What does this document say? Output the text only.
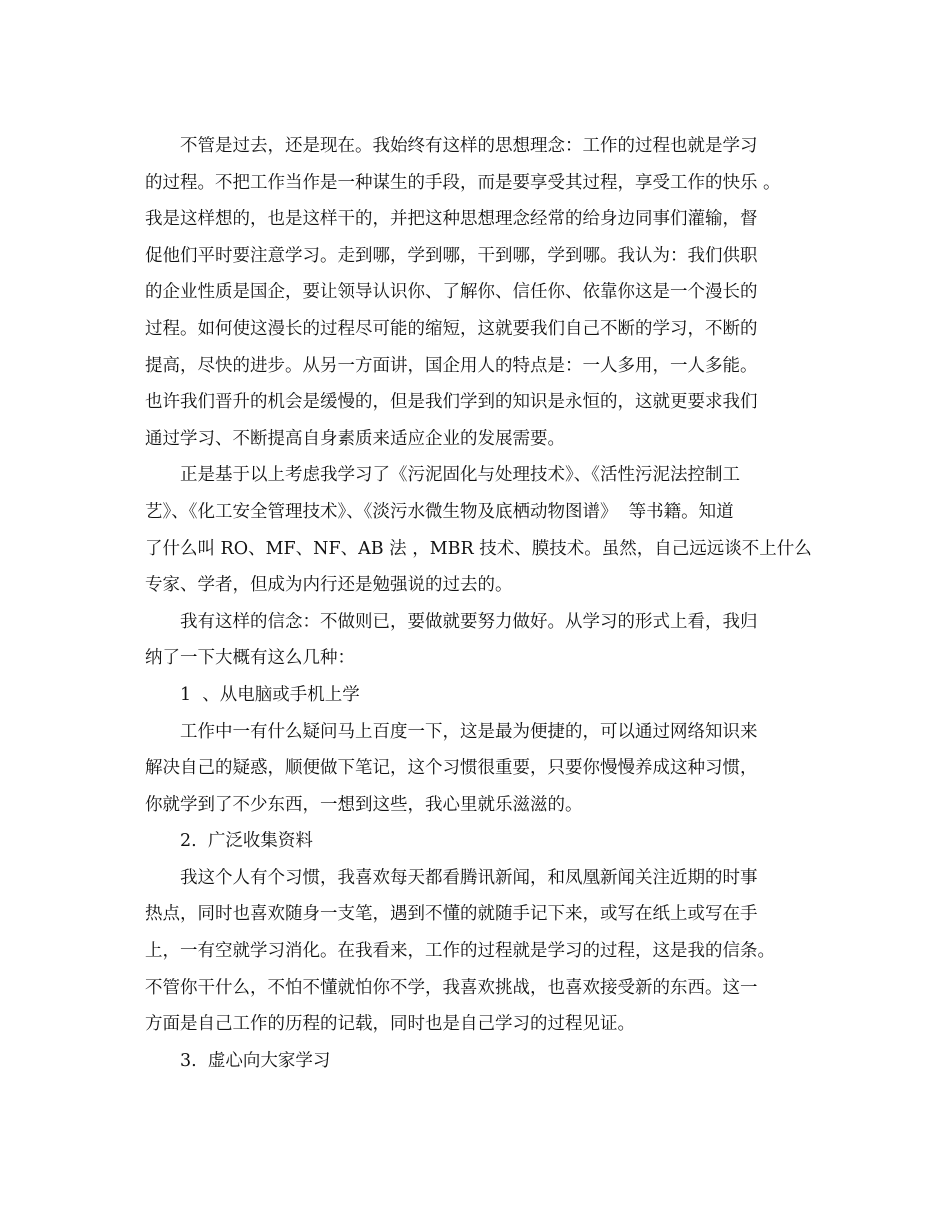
不管是过去，还是现在。我始终有这样的思想理念：工作的过程也就是学习
的过程。不把工作当作是一种谋生的手段，而是要享受其过程，享受工作的快乐 。
我是这样想的，也是这样干的，并把这种思想理念经常的给身边同事们灌输，督
促他们平时要注意学习。走到哪，学到哪，干到哪，学到哪。我认为：我们供职
的企业性质是国企，要让领导认识你、了解你、信任你、依靠你这是一个漫长的
过程。如何使这漫长的过程尽可能的缩短，这就要我们自己不断的学习，不断的
提高，尽快的进步。从另一方面讲，国企用人的特点是：一人多用，一人多能。
也许我们晋升的机会是缓慢的，但是我们学到的知识是永恒的，这就更要求我们
通过学习、不断提高自身素质来适应企业的发展需要。
正是基于以上考虑我学习了《污泥固化与处理技术》、《活性污泥法控制工
艺》、《化工安全管理技术》、《淡污水微生物及底栖动物图谱》  等书籍。知道
了什么叫 RO、MF、NF、AB 法 ，MBR 技术、膜技术。虽然，自己远远谈不上什么
专家、学者，但成为内行还是勉强说的过去的。
我有这样的信念：不做则已，要做就要努力做好。从学习的形式上看，我归
纳了一下大概有这么几种：
1  、从电脑或手机上学
工作中一有什么疑问马上百度一下，这是最为便捷的，可以通过网络知识来
解决自己的疑惑，顺便做下笔记，这个习惯很重要，只要你慢慢养成这种习惯，
你就学到了不少东西，一想到这些，我心里就乐滋滋的。
2.  广泛收集资料
我这个人有个习惯，我喜欢每天都看腾讯新闻，和凤凰新闻关注近期的时事
热点，同时也喜欢随身一支笔，遇到不懂的就随手记下来，或写在纸上或写在手
上，一有空就学习消化。在我看来，工作的过程就是学习的过程，这是我的信条。
不管你干什么，不怕不懂就怕你不学，我喜欢挑战，也喜欢接受新的东西。这一
方面是自己工作的历程的记载，同时也是自己学习的过程见证。
3.  虚心向大家学习
